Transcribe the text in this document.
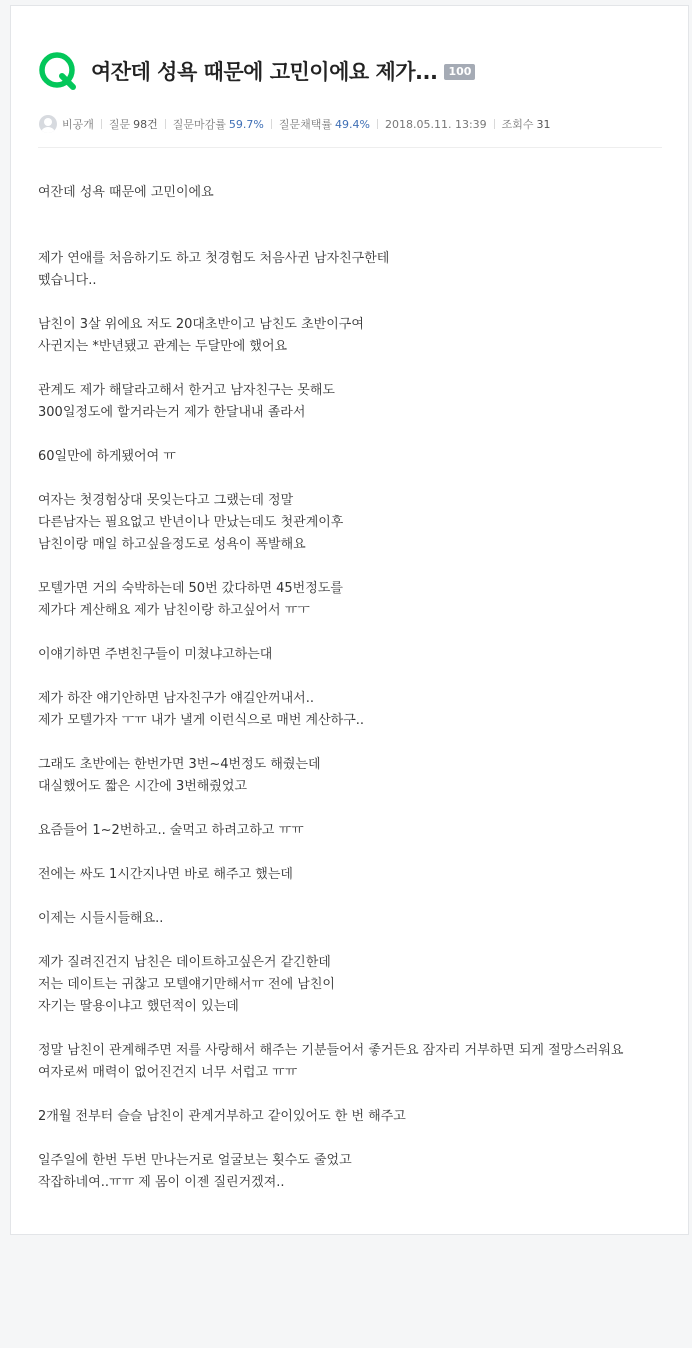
여잔데 성욕 때문에 고민이에요 제가...	100
비공개 질문 98건 질문마감률 59.7% 질문채택률 49.4% 2018.05.11. 13:39 조회수 31
여잔데 성욕 때문에 고민이에요
제가 연애를 처음하기도 하고 첫경험도 처음사귄 남자친구한테
뗐습니다..
남친이 3살 위에요 저도 20대초반이고 남친도 초반이구여
사귄지는 *반년됐고 관계는 두달만에 했어요
관계도 제가 해달라고해서 한거고 남자친구는 못해도
300일정도에 할거라는거 제가 한달내내 졸라서
60일만에 하게됐어여 ㅠ
여자는 첫경험상대 못잊는다고 그랬는데 정말
다른남자는 필요없고 반년이나 만났는데도 첫관계이후
남친이랑 매일 하고싶을정도로 성욕이 폭발해요
모텔가면 거의 숙박하는데 50번 갔다하면 45번정도를
제가다 계산해요 제가 남친이랑 하고싶어서 ㅠㅜ
이얘기하면 주변친구들이 미쳤냐고하는대
제가 하잔 얘기안하면 남자친구가 얘길안꺼내서..
제가 모텔가자 ㅜㅠ 내가 낼게 이런식으로 매번 계산하구..
그래도 초반에는 한번가면 3번~4번정도 해줬는데
대실했어도 짧은 시간에 3번해줬었고
요즘들어 1~2번하고.. 술먹고 하려고하고 ㅠㅠ
전에는 싸도 1시간지나면 바로 해주고 했는데
이제는 시들시들해요..
제가 질려진건지 남친은 데이트하고싶은거 같긴한데
저는 데이트는 귀찮고 모텔얘기만해서ㅠ 전에 남친이
자기는 딸용이냐고 했던적이 있는데
정말 남친이 관계해주면 저를 사랑해서 해주는 기분들어서 좋거든요 잠자리 거부하면 되게 절망스러워요
여자로써 매력이 없어진건지 너무 서럽고 ㅠㅠ
2개월 전부터 슬슬 남친이 관계거부하고 같이있어도 한 번 해주고
일주일에 한번 두번 만나는거로 얼굴보는 횟수도 줄었고
작잡하네여..ㅠㅠ 제 몸이 이젠 질린거겠져..
